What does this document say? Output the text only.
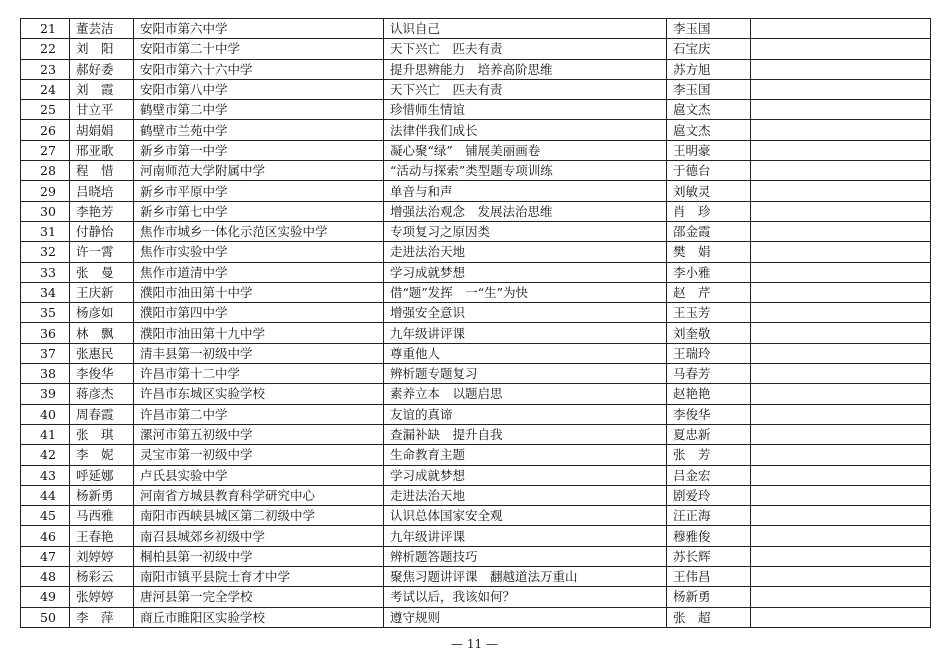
21	董芸洁	安阳市第六中学	认识自己	李玉国	
22	刘　阳	安阳市第二十中学	天下兴亡　匹夫有责	石宝庆	
23	郝好委	安阳市第六十六中学	提升思辨能力　培养高阶思维	苏方旭	
24	刘　霞	安阳市第八中学	天下兴亡　匹夫有责	李玉国	
25	甘立平	鹤壁市第二中学	珍惜师生情谊	扈文杰	
26	胡娟娟	鹤壁市兰苑中学	法律伴我们成长	扈文杰	
27	邢亚歌	新乡市第一中学	凝心聚“绿”　铺展美丽画卷	王明豪	
28	程　惜	河南师范大学附属中学	“活动与探索”类型题专项训练	于德台	
29	吕晓培	新乡市平原中学	单音与和声	刘敏灵	
30	李艳芳	新乡市第七中学	增强法治观念　发展法治思维	肖　珍	
31	付静怡	焦作市城乡一体化示范区实验中学	专项复习之原因类	邵金霞	
32	许一霄	焦作市实验中学	走进法治天地	樊　娟	
33	张　曼	焦作市道清中学	学习成就梦想	李小雅	
34	王庆新	濮阳市油田第十中学	借“题”发挥　一“生”为快	赵　芹	
35	杨彦如	濮阳市第四中学	增强安全意识	王玉芳	
36	林　飘	濮阳市油田第十九中学	九年级讲评课	刘奎敬	
37	张惠民	清丰县第一初级中学	尊重他人	王瑞玲	
38	李俊华	许昌市第十二中学	辨析题专题复习	马春芳	
39	蒋彦杰	许昌市东城区实验学校	素养立本　以题启思	赵艳艳	
40	周春霞	许昌市第二中学	友谊的真谛	李俊华	
41	张　琪	漯河市第五初级中学	查漏补缺　提升自我	夏忠新	
42	李　妮	灵宝市第一初级中学	生命教育主题	张　芳	
43	呼延娜	卢氏县实验中学	学习成就梦想	吕金宏	
44	杨新勇	河南省方城县教育科学研究中心	走进法治天地	剧爱玲	
45	马西雅	南阳市西峡县城区第二初级中学	认识总体国家安全观	汪正海	
46	王春艳	南召县城郊乡初级中学	九年级讲评课	穆雅俊	
47	刘婷婷	桐柏县第一初级中学	辨析题答题技巧	苏长辉	
48	杨彩云	南阳市镇平县院士育才中学	聚焦习题讲评课　翻越道法万重山	王伟昌	
49	张婷婷	唐河县第一完全学校	考试以后，我该如何？	杨新勇	
50	李　萍	商丘市睢阳区实验学校	遵守规则	张　超	
— 11 —
